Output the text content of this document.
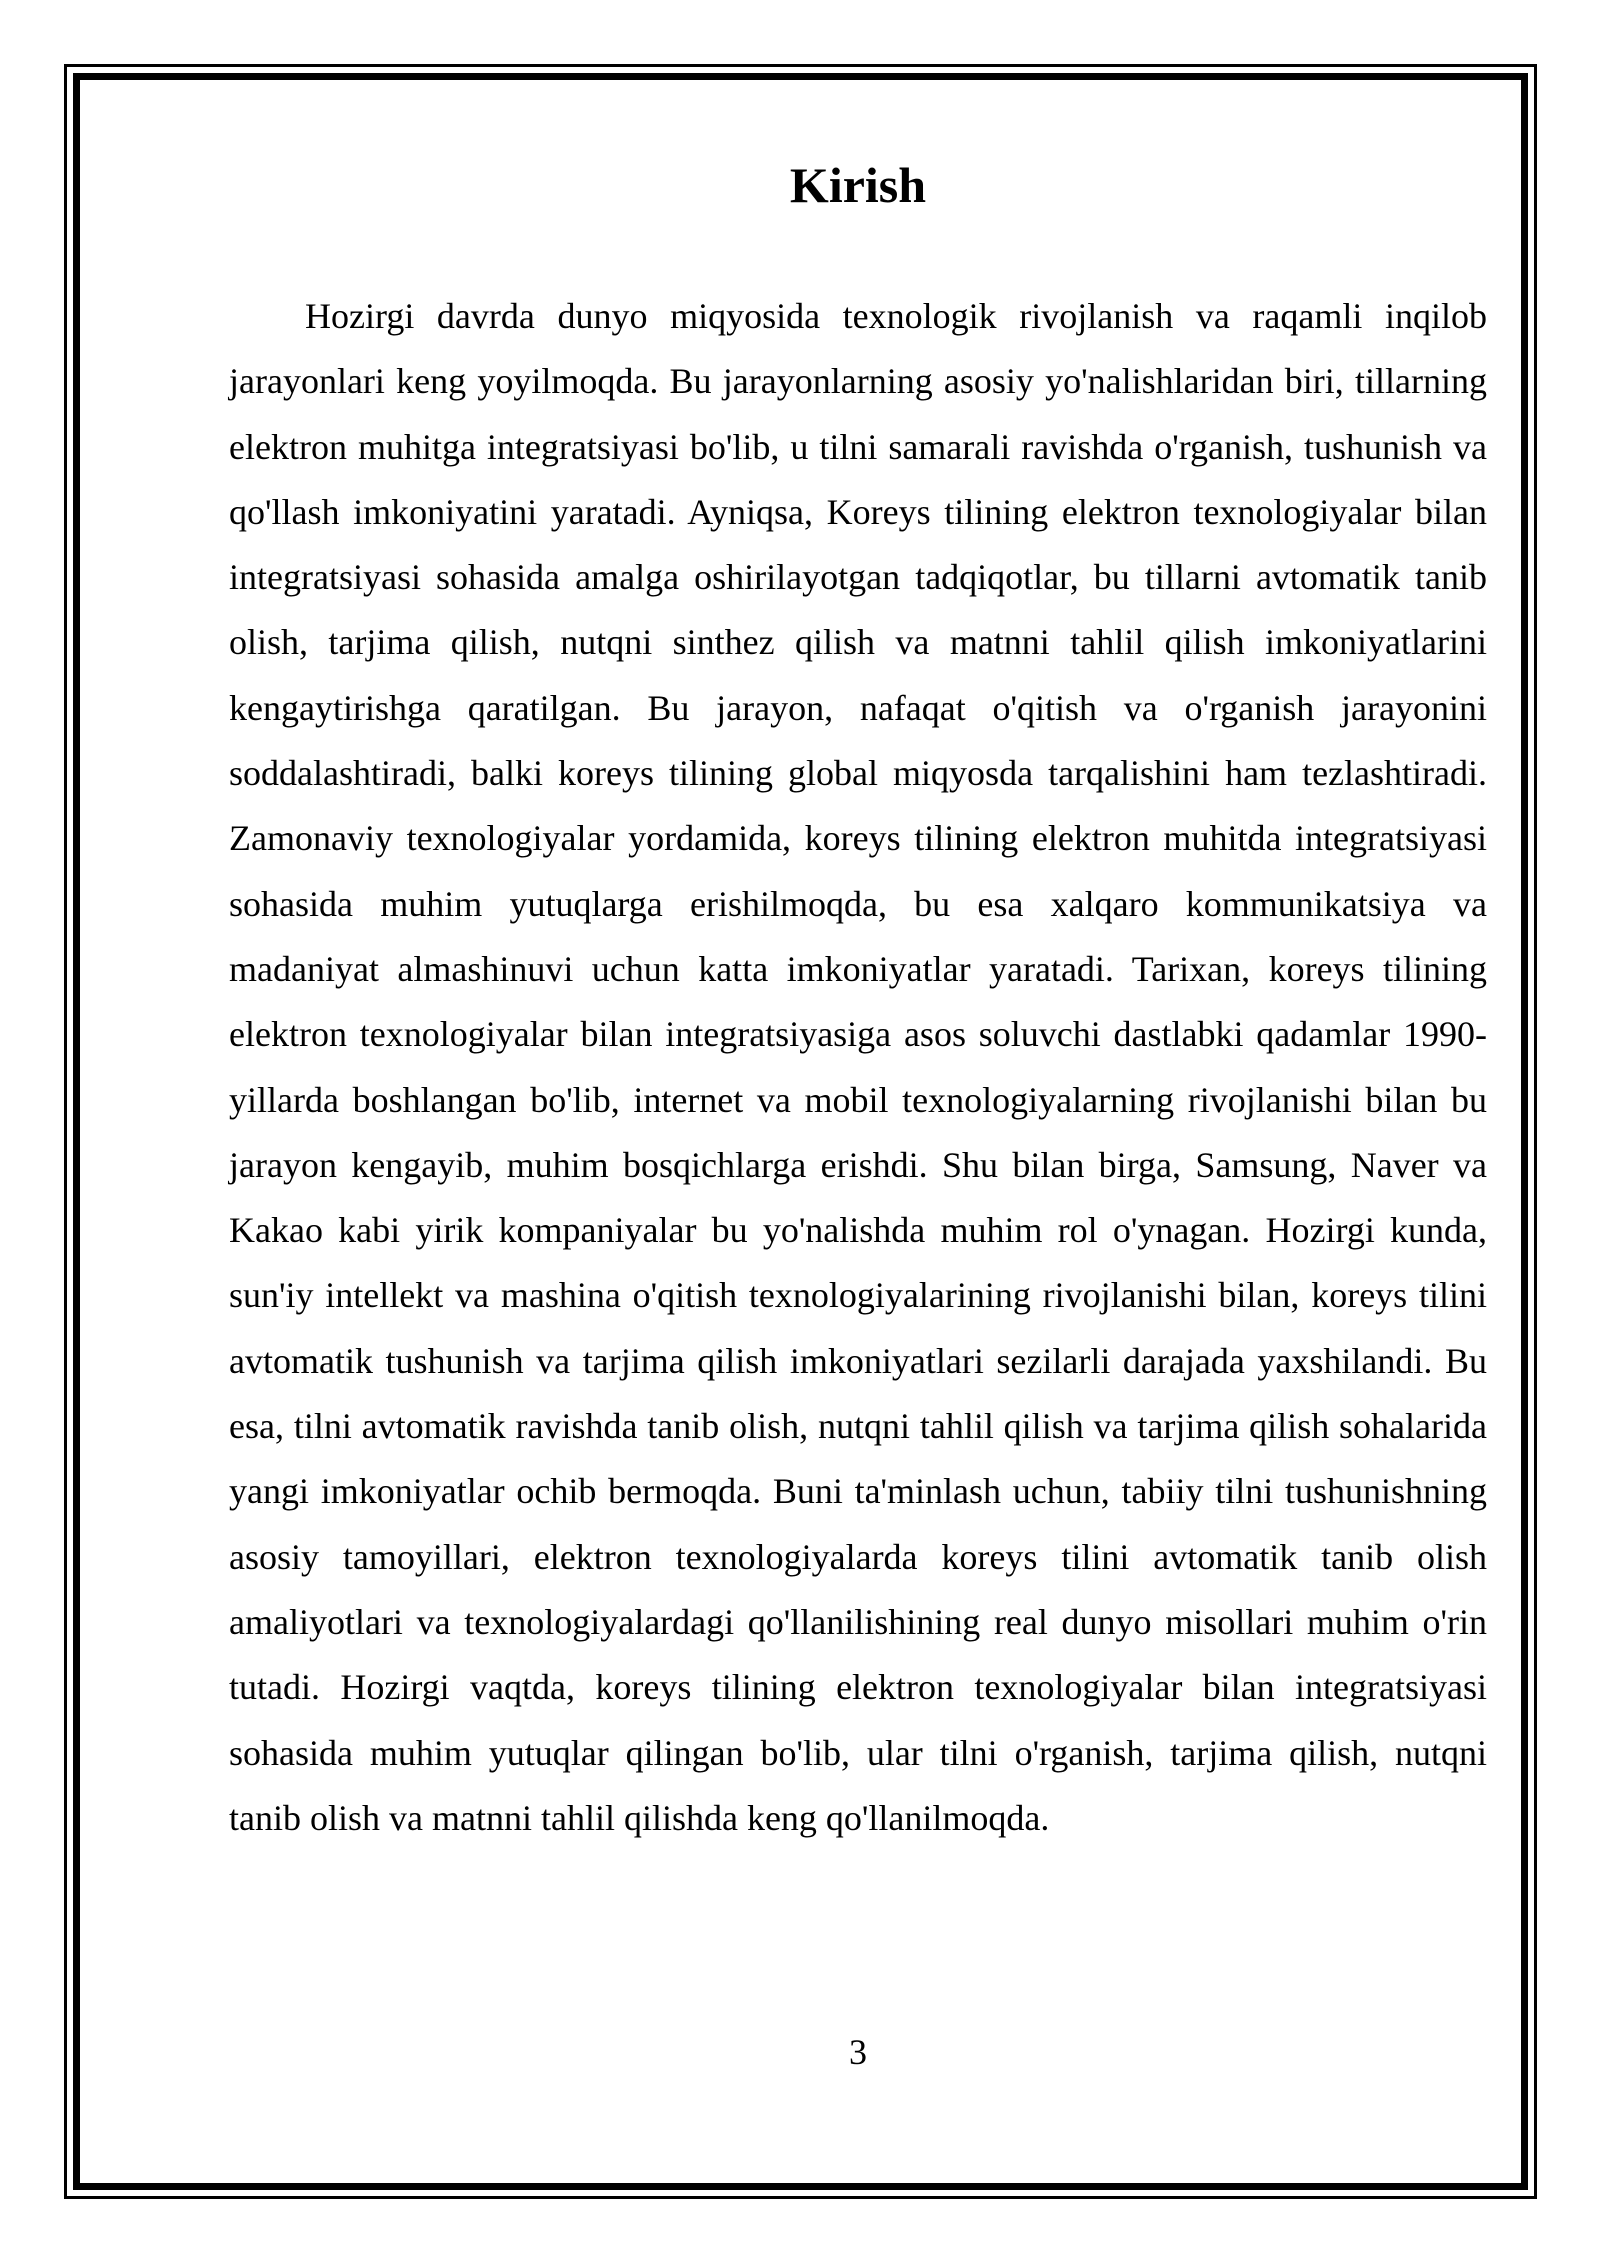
Kirish

Hozirgi davrda dunyo miqyosida texnologik rivojlanish va raqamli inqilob jarayonlari keng yoyilmoqda. Bu jarayonlarning asosiy yo'nalishlaridan biri, tillarning elektron muhitga integratsiyasi bo'lib, u tilni samarali ravishda o'rganish, tushunish va qo'llash imkoniyatini yaratadi. Ayniqsa, Koreys tilining elektron texnologiyalar bilan integratsiyasi sohasida amalga oshirilayotgan tadqiqotlar, bu tillarni avtomatik tanib olish, tarjima qilish, nutqni sinthez qilish va matnni tahlil qilish imkoniyatlarini kengaytirishga qaratilgan. Bu jarayon, nafaqat o'qitish va o'rganish jarayonini soddalashtiradi, balki koreys tilining global miqyosda tarqalishini ham tezlashtiradi. Zamonaviy texnologiyalar yordamida, koreys tilining elektron muhitda integratsiyasi sohasida muhim yutuqlarga erishilmoqda, bu esa xalqaro kommunikatsiya va madaniyat almashinuvi uchun katta imkoniyatlar yaratadi. Tarixan, koreys tilining elektron texnologiyalar bilan integratsiyasiga asos soluvchi dastlabki qadamlar 1990-yillarda boshlangan bo'lib, internet va mobil texnologiyalarning rivojlanishi bilan bu jarayon kengayib, muhim bosqichlarga erishdi. Shu bilan birga, Samsung, Naver va Kakao kabi yirik kompaniyalar bu yo'nalishda muhim rol o'ynagan. Hozirgi kunda, sun'iy intellekt va mashina o'qitish texnologiyalarining rivojlanishi bilan, koreys tilini avtomatik tushunish va tarjima qilish imkoniyatlari sezilarli darajada yaxshilandi. Bu esa, tilni avtomatik ravishda tanib olish, nutqni tahlil qilish va tarjima qilish sohalarida yangi imkoniyatlar ochib bermoqda. Buni ta'minlash uchun, tabiiy tilni tushunishning asosiy tamoyillari, elektron texnologiyalarda koreys tilini avtomatik tanib olish amaliyotlari va texnologiyalardagi qo'llanilishining real dunyo misollari muhim o'rin tutadi. Hozirgi vaqtda, koreys tilining elektron texnologiyalar bilan integratsiyasi sohasida muhim yutuqlar qilingan bo'lib, ular tilni o'rganish, tarjima qilish, nutqni tanib olish va matnni tahlil qilishda keng qo'llanilmoqda.

3
